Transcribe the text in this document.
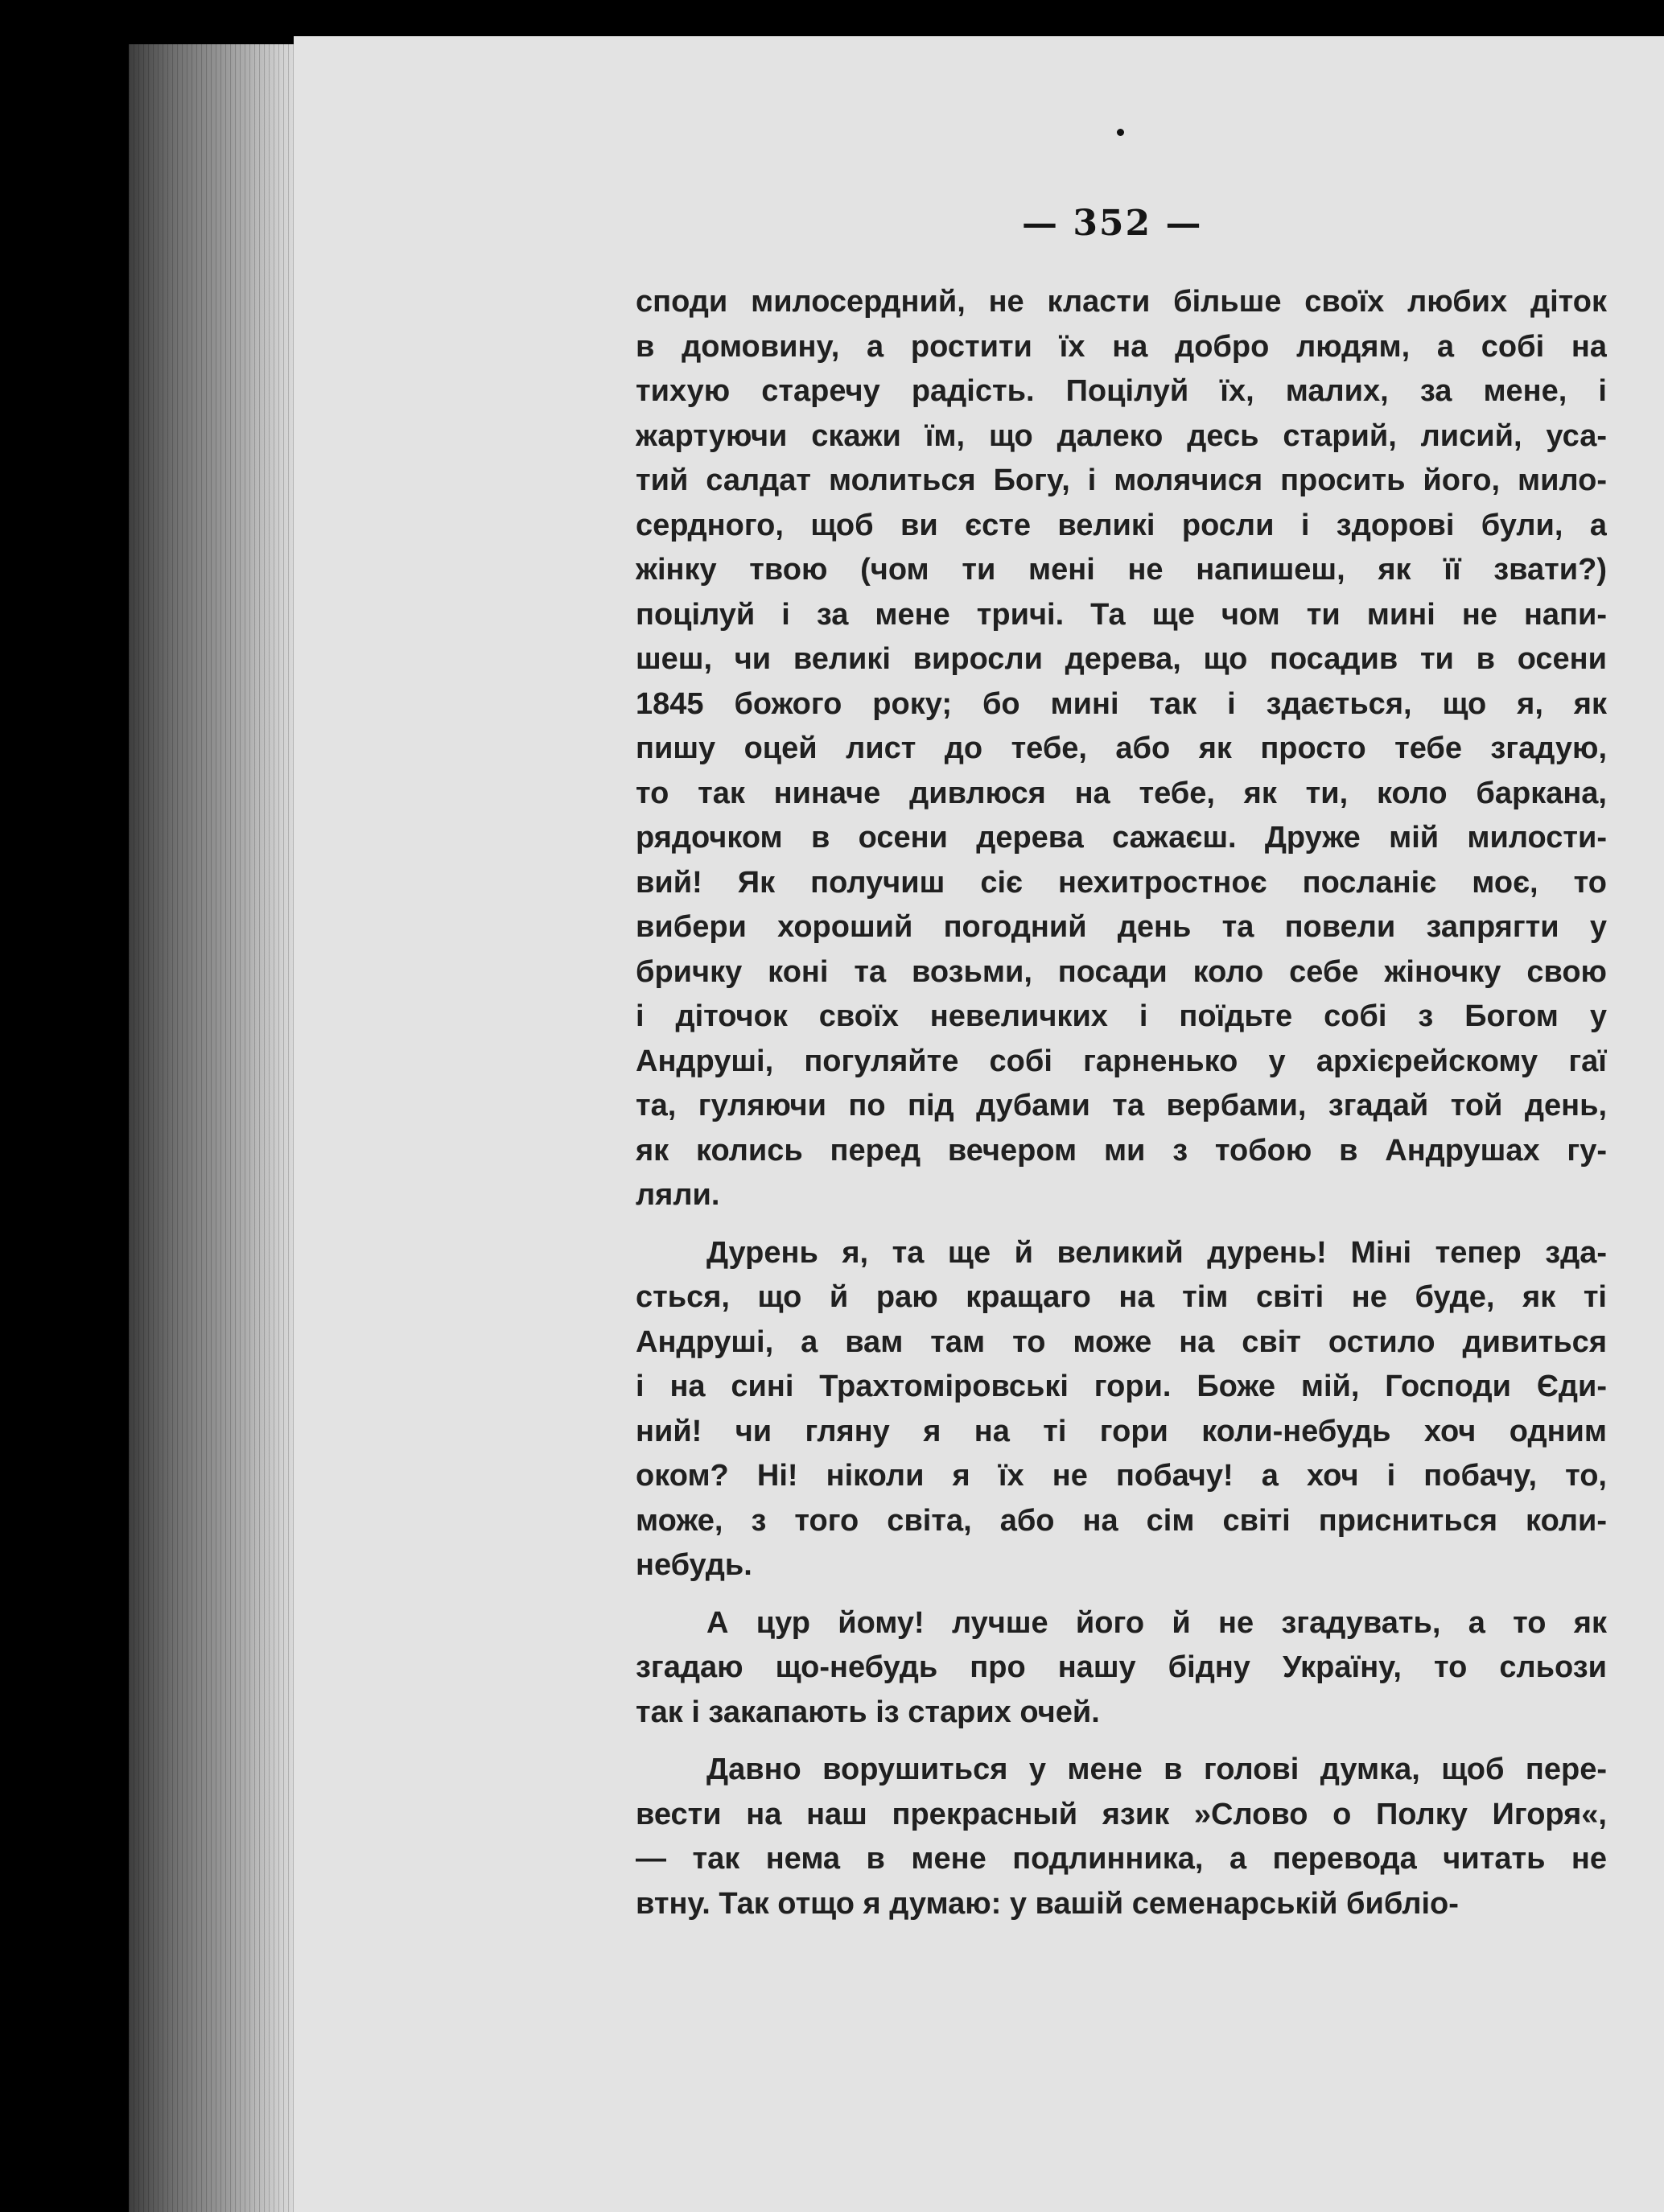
— 352 —
споди милосердний, не класти більше своїх любих діток
в домовину, а ростити їх на добро людям, а собі на
тихую старечу радість. Поцілуй їх, малих, за мене, і
жартуючи скажи їм, що далеко десь старий, лисий, уса-
тий салдат молиться Богу, і молячися просить його, мило-
сердного, щоб ви єсте великі росли і здорові були, а
жінку твою (чом ти мені не напишеш, як її звати?)
поцілуй і за мене тричі. Та ще чом ти мині не напи-
шеш, чи великі виросли дерева, що посадив ти в осени
1845 божого року; бо мині так і здається, що я, як
пишу оцей лист до тебе, або як просто тебе згадую,
то так ниначе дивлюся на тебе, як ти, коло баркана,
рядочком в осени дерева сажаєш. Друже мій милости-
вий! Як получиш сіє нехитростноє посланіє моє, то
вибери хороший погодний день та повели запрягти у
бричку коні та возьми, посади коло себе жіночку свою
і діточок своїх невеличких і поїдьте собі з Богом у
Андруші, погуляйте собі гарненько у архієрейскому гаї
та, гуляючи по під дубами та вербами, згадай той день,
як колись перед вечером ми з тобою в Андрушах гу-
ляли.
Дурень я, та ще й великий дурень! Міні тепер зда-
сться, що й раю кращаго на тім світі не буде, як ті
Андруші, а вам там то може на світ остило дивиться
і на сині Трахтоміровські гори. Боже мій, Господи Єди-
ний! чи гляну я на ті гори коли-небудь хоч одним
оком? Ні! ніколи я їх не побачу! а хоч і побачу, то,
може, з того світа, або на сім світі присниться коли-
небудь.
А цур йому! лучше його й не згадувать, а то як
згадаю що-небудь про нашу бідну Україну, то сльози
так і закапають із старих очей.
Давно ворушиться у мене в голові думка, щоб пере-
вести на наш прекрасный язик »Слово о Полку Игоря«,
— так нема в мене подлинника, а перевода читать не
втну. Так отщо я думаю: у вашій семенарській библіо-
